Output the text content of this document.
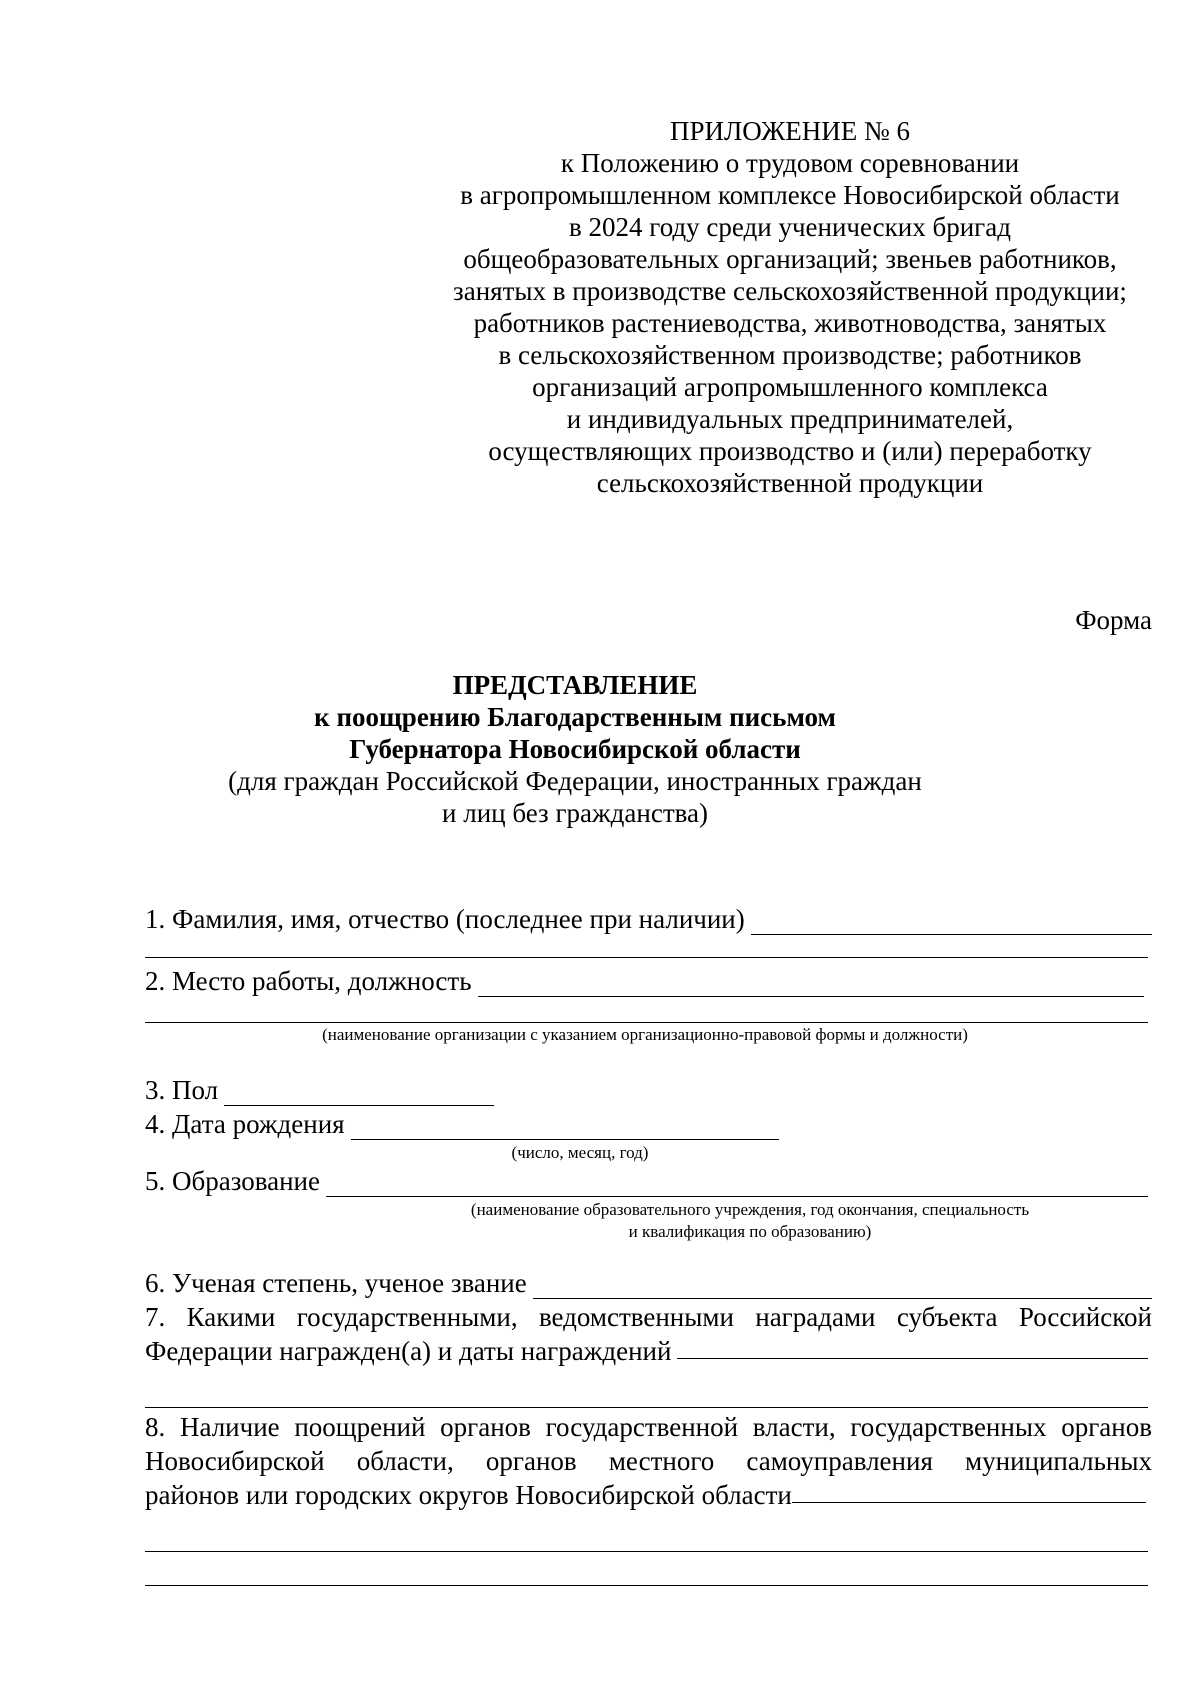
ПРИЛОЖЕНИЕ № 6
к Положению о трудовом соревновании
в агропромышленном комплексе Новосибирской области
в 2024 году среди ученических бригад
общеобразовательных организаций; звеньев работников,
занятых в производстве сельскохозяйственной продукции;
работников растениеводства, животноводства, занятых
в сельскохозяйственном производстве; работников
организаций агропромышленного комплекса
и индивидуальных предпринимателей,
осуществляющих производство и (или) переработку
сельскохозяйственной продукции
Форма
ПРЕДСТАВЛЕНИЕ
к поощрению Благодарственным письмом
Губернатора Новосибирской области
(для граждан Российской Федерации, иностранных граждан
и лиц без гражданства)
1. Фамилия, имя, отчество (последнее при наличии)
2. Место работы, должность
(наименование организации с указанием организационно-правовой формы и должности)
3. Пол
4. Дата рождения
(число, месяц, год)
5. Образование
(наименование образовательного учреждения, год окончания, специальность
и квалификация по образованию)
6. Ученая степень, ученое звание
7. Какими государственными, ведомственными наградами субъекта Российской
Федерации награжден(а) и даты награждений
8. Наличие поощрений органов государственной власти, государственных органов
Новосибирской области, органов местного самоуправления муниципальных
районов или городских округов Новосибирской области
